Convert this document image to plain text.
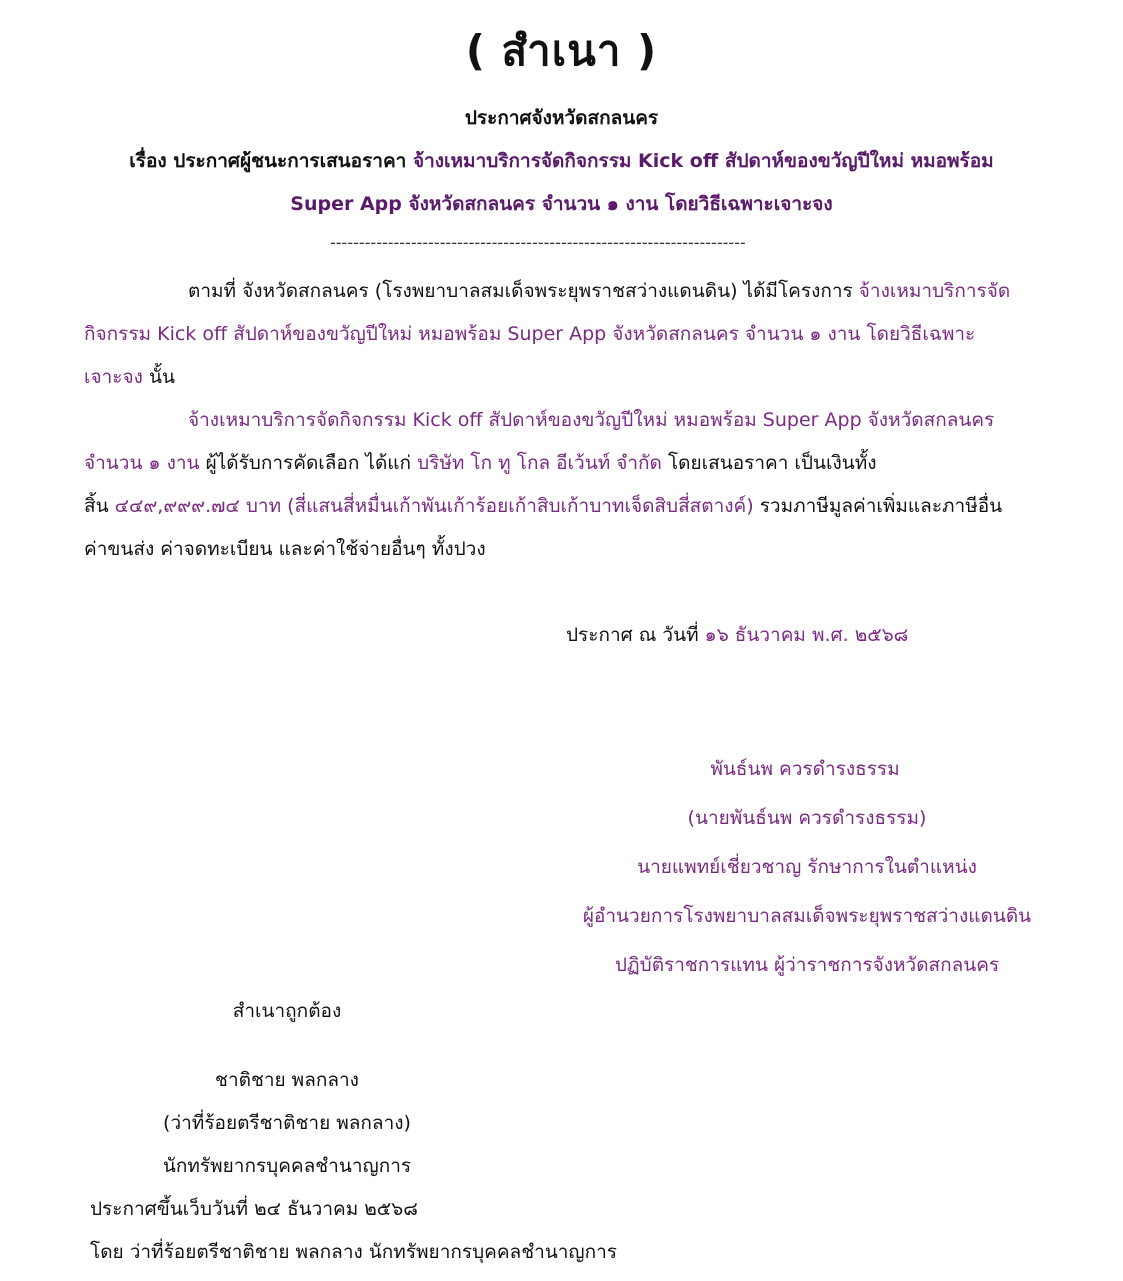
( สำเนา )
ประกาศจังหวัดสกลนคร
เรื่อง ประกาศผู้ชนะการเสนอราคา จ้างเหมาบริการจัดกิจกรรม Kick off สัปดาห์ของขวัญปีใหม่ หมอพร้อม
Super App จังหวัดสกลนคร จำนวน ๑ งาน โดยวิธีเฉพาะเจาะจง
------------------------------------------------------------------------
ตามที่ จังหวัดสกลนคร (โรงพยาบาลสมเด็จพระยุพราชสว่างแดนดิน) ได้มีโครงการ จ้างเหมาบริการจัด
กิจกรรม Kick off สัปดาห์ของขวัญปีใหม่ หมอพร้อม Super App จังหวัดสกลนคร จำนวน ๑ งาน โดยวิธีเฉพาะ
เจาะจง นั้น
จ้างเหมาบริการจัดกิจกรรม Kick off สัปดาห์ของขวัญปีใหม่ หมอพร้อม Super App จังหวัดสกลนคร
จำนวน ๑ งาน ผู้ได้รับการคัดเลือก ได้แก่ บริษัท โก ทู โกล อีเว้นท์ จำกัด โดยเสนอราคา เป็นเงินทั้ง
สิ้น ๔๔๙,๙๙๙.๗๔ บาท (สี่แสนสี่หมื่นเก้าพันเก้าร้อยเก้าสิบเก้าบาทเจ็ดสิบสี่สตางค์) รวมภาษีมูลค่าเพิ่มและภาษีอื่น
ค่าขนส่ง ค่าจดทะเบียน และค่าใช้จ่ายอื่นๆ ทั้งปวง
ประกาศ ณ วันที่ ๑๖ ธันวาคม พ.ศ. ๒๕๖๘
พันธ์นพ ควรดำรงธรรม
(นายพันธ์นพ ควรดำรงธรรม)
นายแพทย์เชี่ยวชาญ รักษาการในตำแหน่ง
ผู้อำนวยการโรงพยาบาลสมเด็จพระยุพราชสว่างแดนดิน
ปฏิบัติราชการแทน ผู้ว่าราชการจังหวัดสกลนคร
สำเนาถูกต้อง
ชาติชาย พลกลาง
(ว่าที่ร้อยตรีชาติชาย พลกลาง)
นักทรัพยากรบุคคลชำนาญการ
ประกาศขึ้นเว็บวันที่ ๒๔ ธันวาคม ๒๕๖๘
โดย ว่าที่ร้อยตรีชาติชาย พลกลาง นักทรัพยากรบุคคลชำนาญการ
